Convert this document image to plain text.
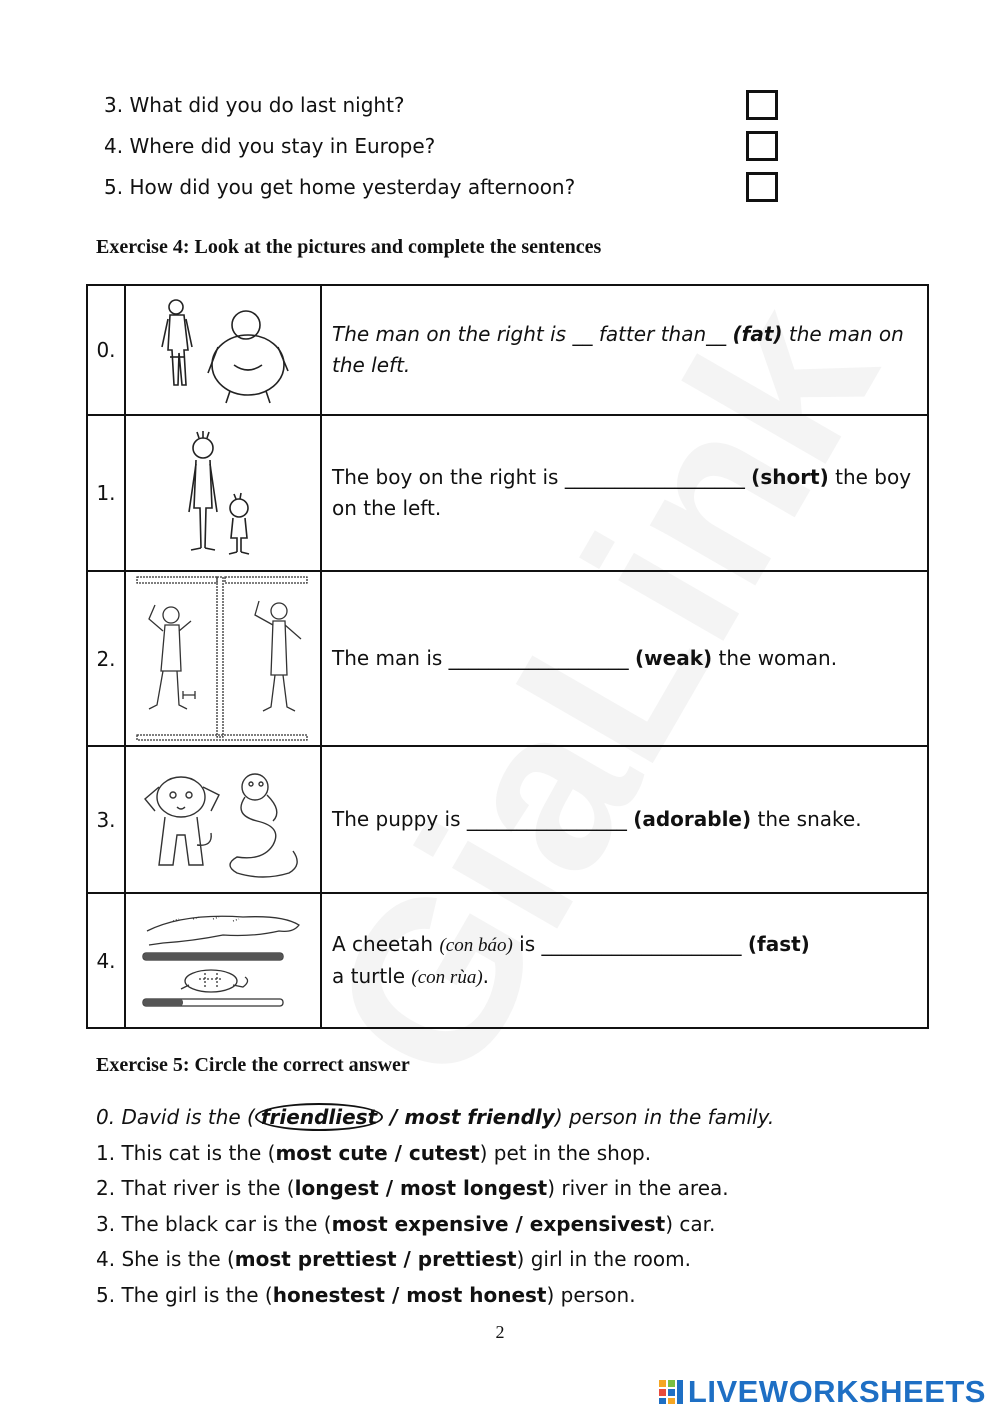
3. What did you do last night?
4. Where did you stay in Europe?
5. How did you get home yesterday afternoon?
Exercise 4: Look at the pictures and complete the sentences
0.		The man on the right is __ fatter than__ (fat) the man on the left.
1.		The boy on the right is __________________ (short) the boy on the left.
2.		The man is __________________ (weak) the woman.
3.		The puppy is ________________ (adorable) the snake.
4.		A cheetah (con báo) is ____________________ (fast)
a turtle (con rùa).
Exercise 5: Circle the correct answer
0. David is the ( friendliest / most friendly) person in the family.
1. This cat is the (most cute / cutest) pet in the shop.
2. That river is the (longest / most longest) river in the area.
3. The black car is the (most expensive / expensivest) car.
4. She is the (most prettiest / prettiest) girl in the room.
5. The girl is the (honestest / most honest) person.
2
LIVEWORKSHEETS
